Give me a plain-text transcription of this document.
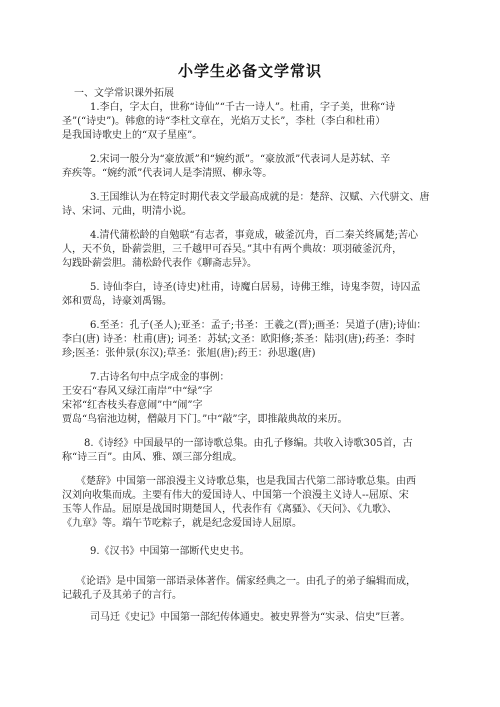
小学生必备文学常识
一、文学常识课外拓展
1.李白，字太白，世称“诗仙”“千古一诗人”。杜甫，字子美，世称“诗
圣”(“诗史”)。韩愈的诗“李杜文章在，光焰万丈长”，李杜（李白和杜甫）
是我国诗歌史上的“双子星座”。
2.宋词一般分为“豪放派”和“婉约派”。“豪放派”代表词人是苏轼、辛
弃疾等。“婉约派”代表词人是李清照、柳永等。
3.王国维认为在特定时期代表文学最高成就的是：楚辞、汉赋、六代骈文、唐
诗、宋词、元曲，明清小说。
4.清代蒲松龄的自勉联“有志者，事竟成，破釜沉舟，百二秦关终属楚;苦心
人，天不负，卧薪尝胆，三千越甲可吞吴。”其中有两个典故：项羽破釜沉舟，
勾践卧薪尝胆。蒲松龄代表作《聊斋志异》。
5. 诗仙李白，诗圣(诗史)杜甫，诗魔白居易，诗佛王维，诗鬼李贺，诗囚孟
郊和贾岛，诗豪刘禹锡。
6.至圣：孔子(圣人);亚圣：孟子;书圣：王羲之(晋);画圣：吴道子(唐);诗仙：
李白(唐) 诗圣：杜甫(唐); 词圣：苏轼;文圣：欧阳修;茶圣：陆羽(唐);药圣：李时
珍;医圣：张仲景(东汉);草圣：张旭(唐);药王：孙思邈(唐)
7.古诗名句中点字成金的事例：
王安石“春风又绿江南岸”中“绿”字
宋祁“红杏枝头春意闹”中“闹”字
贾岛“鸟宿池边树，僧敲月下门。”中“敲”字，即推敲典故的来历。
8.《诗经》中国最早的一部诗歌总集。由孔子修编。共收入诗歌305首，古
称“诗三百”。由风、雅、颂三部分组成。
《楚辞》中国第一部浪漫主义诗歌总集，也是我国古代第二部诗歌总集。由西
汉刘向收集而成。主要有伟大的爱国诗人、中国第一个浪漫主义诗人--屈原、宋
玉等人作品。屈原是战国时期楚国人，代表作有《离骚》、《天问》、《九歌》、
《九章》等。端午节吃粽子，就是纪念爱国诗人屈原。
9.《汉书》中国第一部断代史史书。
《论语》是中国第一部语录体著作。儒家经典之一。由孔子的弟子编辑而成，
记载孔子及其弟子的言行。
司马迁《史记》中国第一部纪传体通史。被史界誉为“实录、信史”巨著。
